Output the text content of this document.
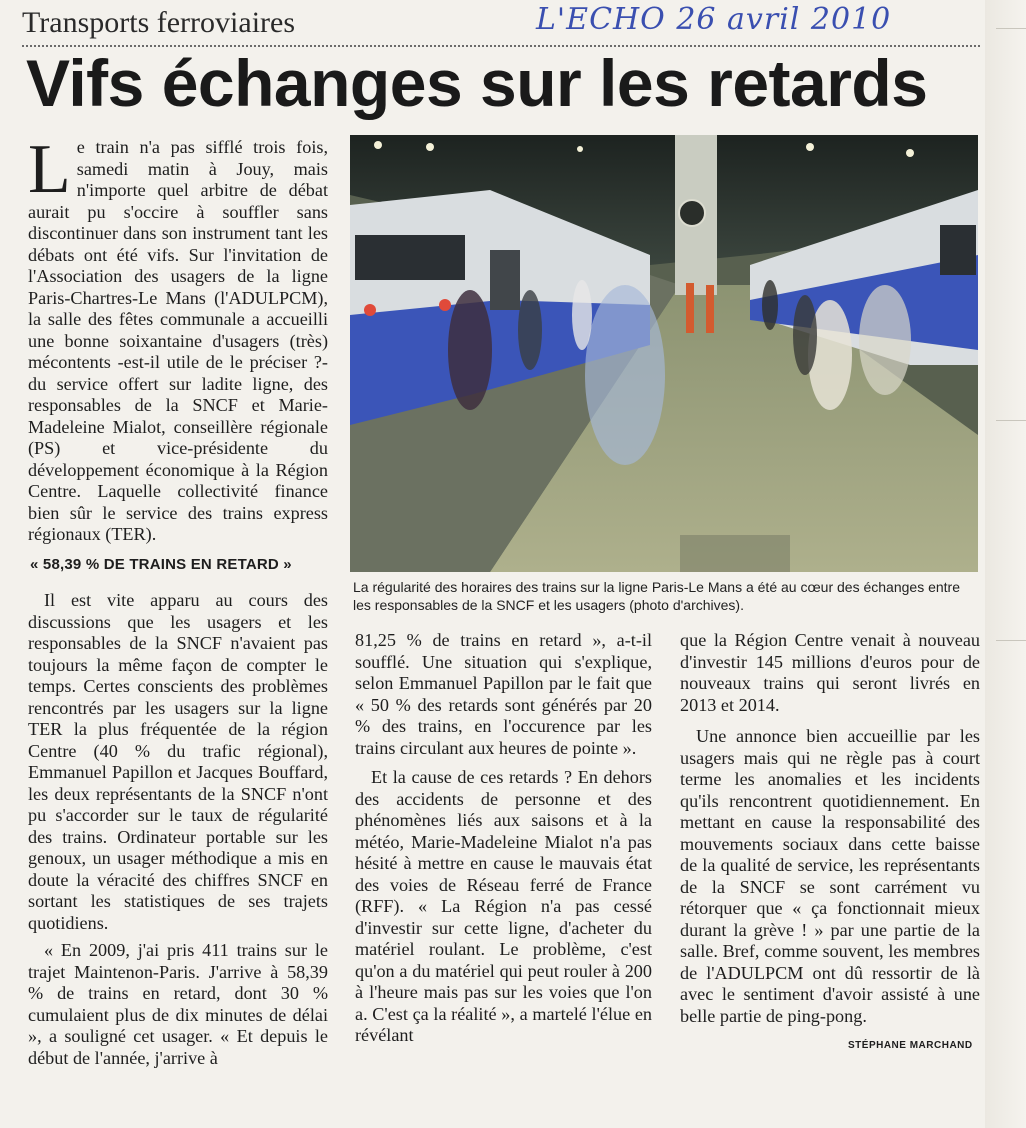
Transports ferroviaires	L'ECHO 26 avril 2010
Vifs échanges sur les retards
L e train n'a pas sifflé trois fois, samedi matin à Jouy, mais n'importe quel arbitre de débat aurait pu s'occire à souffler sans discontinuer dans son instrument tant les débats ont été vifs. Sur l'invitation de l'Association des usagers de la ligne Paris-Chartres-Le Mans (l'ADULPCM), la salle des fêtes communale a accueilli une bonne soixantaine d'usagers (très) mécontents -est-il utile de le préciser ?- du service offert sur ladite ligne, des responsables de la SNCF et Marie-Madeleine Mialot, conseillère régionale (PS) et vice-présidente du développement économique à la Région Centre. Laquelle collectivité finance bien sûr le service des trains express régionaux (TER).

« 58,39 % DE TRAINS EN RETARD »

Il est vite apparu au cours des discussions que les usagers et les responsables de la SNCF n'avaient pas toujours la même façon de compter le temps. Certes conscients des problèmes rencontrés par les usagers sur la ligne TER la plus fréquentée de la région Centre (40 % du trafic régional), Emmanuel Papillon et Jacques Bouffard, les deux représentants de la SNCF n'ont pu s'accorder sur le taux de régularité des trains. Ordinateur portable sur les genoux, un usager méthodique a mis en doute la véracité des chiffres SNCF en sortant les statistiques de ses trajets quotidiens.

« En 2009, j'ai pris 411 trains sur le trajet Maintenon-Paris. J'arrive à 58,39 % de trains en retard, dont 30 % cumulaient plus de dix minutes de délai », a souligné cet usager. « Et depuis le début de l'année, j'arrive à

La régularité des horaires des trains sur la ligne Paris-Le Mans a été au cœur des échanges entre les responsables de la SNCF et les usagers (photo d'archives).

81,25 % de trains en retard », a-t-il soufflé. Une situation qui s'explique, selon Emmanuel Papillon par le fait que « 50 % des retards sont générés par 20 % des trains, en l'occurence par les trains circulant aux heures de pointe ».

Et la cause de ces retards ? En dehors des accidents de personne et des phénomènes liés aux saisons et à la météo, Marie-Madeleine Mialot n'a pas hésité à mettre en cause le mauvais état des voies de Réseau ferré de France (RFF). « La Région n'a pas cessé d'investir sur cette ligne, d'acheter du matériel roulant. Le problème, c'est qu'on a du matériel qui peut rouler à 200 à l'heure mais pas sur les voies que l'on a. C'est ça la réalité », a martelé l'élue en révélant

que la Région Centre venait à nouveau d'investir 145 millions d'euros pour de nouveaux trains qui seront livrés en 2013 et 2014.

Une annonce bien accueillie par les usagers mais qui ne règle pas à court terme les anomalies et les incidents qu'ils rencontrent quotidiennement. En mettant en cause la responsabilité des mouvements sociaux dans cette baisse de la qualité de service, les représentants de la SNCF se sont carrément vu rétorquer que « ça fonctionnait mieux durant la grève ! » par une partie de la salle. Bref, comme souvent, les membres de l'ADULPCM ont dû ressortir de là avec le sentiment d'avoir assisté à une belle partie de ping-pong.

STÉPHANE MARCHAND
